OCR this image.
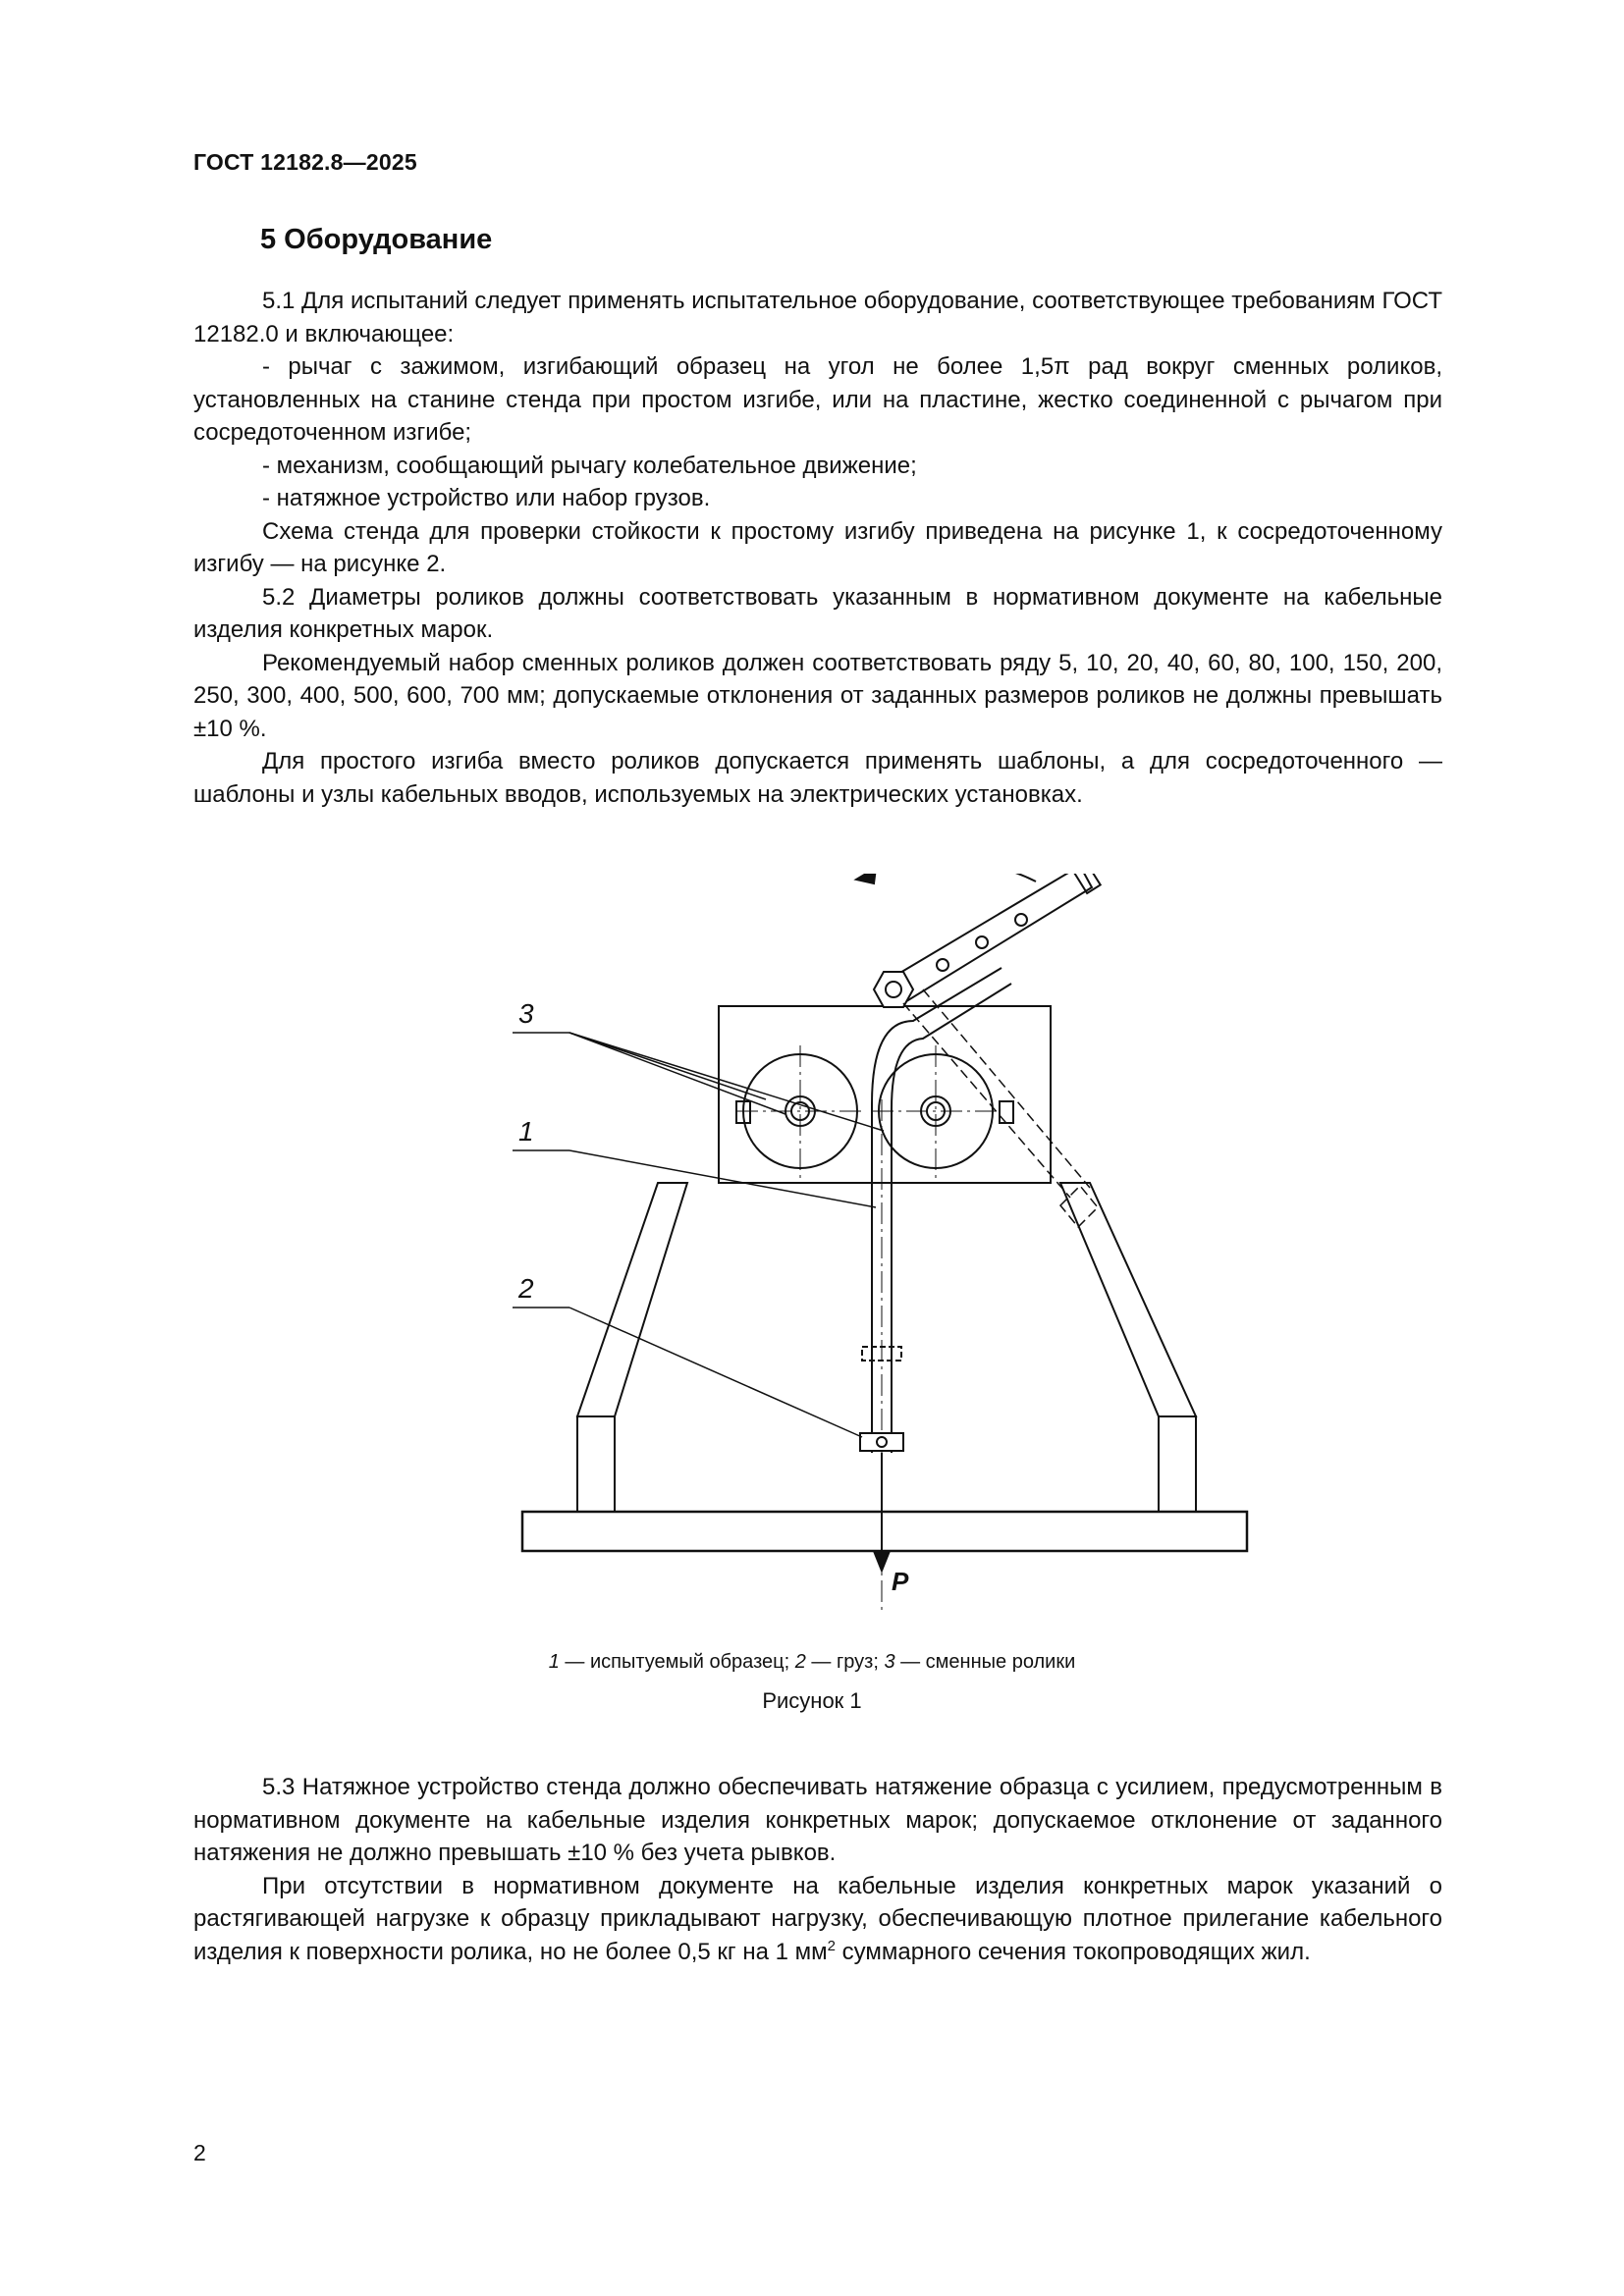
ГОСТ 12182.8—2025
5 Оборудование

5.1 Для испытаний следует применять испытательное оборудование, соответствующее требованиям ГОСТ 12182.0 и включающее:

- рычаг с зажимом, изгибающий образец на угол не более 1,5π рад вокруг сменных роликов, установленных на станине стенда при простом изгибе, или на пластине, жестко соединенной с рычагом при сосредоточенном изгибе;

- механизм, сообщающий рычагу колебательное движение;

- натяжное устройство или набор грузов.

Схема стенда для проверки стойкости к простому изгибу приведена на рисунке 1, к сосредоточенному изгибу — на рисунке 2.

5.2 Диаметры роликов должны соответствовать указанным в нормативном документе на кабельные изделия конкретных марок.

Рекомендуемый набор сменных роликов должен соответствовать ряду 5, 10, 20, 40, 60, 80, 100, 150, 200, 250, 300, 400, 500, 600, 700 мм; допускаемые отклонения от заданных размеров роликов не должны превышать ±10 %.

Для простого изгиба вместо роликов допускается применять шаблоны, а для сосредоточенного — шаблоны и узлы кабельных вводов, используемых на электрических установках.

P
3
1
2
1 — испытуемый образец; 2 — груз; 3 — сменные ролики
Рисунок 1

5.3 Натяжное устройство стенда должно обеспечивать натяжение образца с усилием, предусмотренным в нормативном документе на кабельные изделия конкретных марок; допускаемое отклонение от заданного натяжения не должно превышать ±10 % без учета рывков.

При отсутствии в нормативном документе на кабельные изделия конкретных марок указаний о растягивающей нагрузке к образцу прикладывают нагрузку, обеспечивающую плотное прилегание кабельного изделия к поверхности ролика, но не более 0,5 кг на 1 $мм^2$ суммарного сечения токопроводящих жил.

2
